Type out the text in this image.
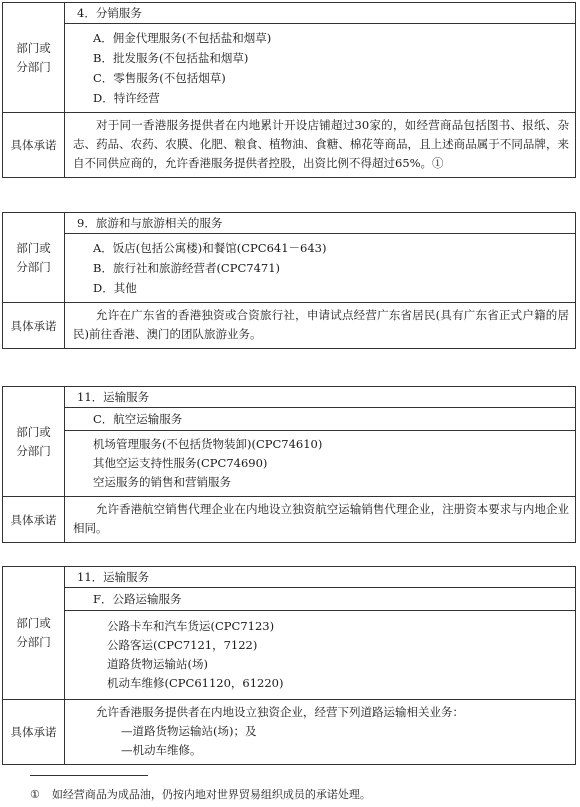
部门或
分部门	4．分销服务

	A．佣金代理服务(不包括盐和烟草)
B．批发服务(不包括盐和烟草)
C．零售服务(不包括烟草)
D．特许经营

具体承诺	对于同一香港服务提供者在内地累计开设店铺超过30家的，如经营商品包括图书、报纸、杂志、药品、农药、农膜、化肥、粮食、植物油、食糖、棉花等商品，且上述商品属于不同品牌，来自不同供应商的，允许香港服务提供者控股，出资比例不得超过65%。①

部门或
分部门	9．旅游和与旅游相关的服务

	A．饭店(包括公寓楼)和餐馆(CPC641－643)
B．旅行社和旅游经营者(CPC7471)
D．其他

具体承诺	允许在广东省的香港独资或合资旅行社，申请试点经营广东省居民(具有广东省正式户籍的居民)前往香港、澳门的团队旅游业务。

部门或
分部门	11．运输服务
	C．航空运输服务

	机场管理服务(不包括货物装卸)(CPC74610)
其他空运支持性服务(CPC74690)
空运服务的销售和营销服务

具体承诺	允许香港航空销售代理企业在内地设立独资航空运输销售代理企业，注册资本要求与内地企业相同。

部门或
分部门	11．运输服务
	F．公路运输服务

	公路卡车和汽车货运(CPC7123)
公路客运(CPC7121，7122)
道路货物运输站(场)
机动车维修(CPC61120，61220)

具体承诺	允许香港服务提供者在内地设立独资企业，经营下列道路运输相关业务：

—道路货物运输站(场)；及
—机动车维修。
① 如经营商品为成品油，仍按内地对世界贸易组织成员的承诺处理。
